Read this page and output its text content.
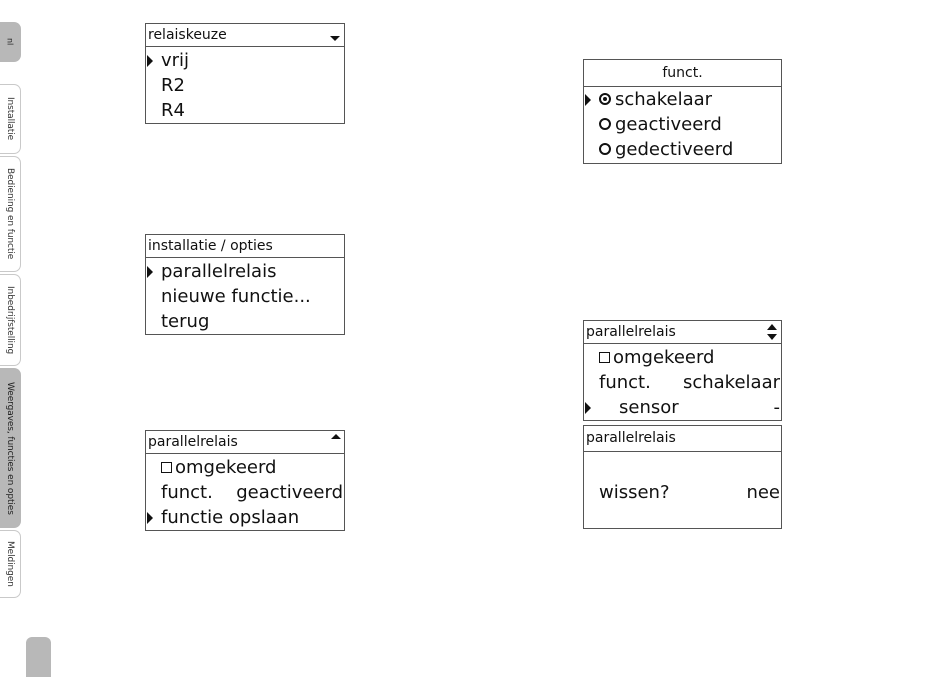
nl
Installatie
Bediening en functie
Inbedrijfstelling
Weergaves, functies en opties
Meldingen
relaiskeuze
vrij
R2
R4
installatie / opties
parallelrelais
nieuwe functie...
terug
parallelrelais
omgekeerd
funct. geactiveerd
functie opslaan
funct.
schakelaar
geactiveerd
gedectiveerd
parallelrelais
omgekeerd
funct. schakelaar
sensor	-
parallelrelais
wissen?	nee
